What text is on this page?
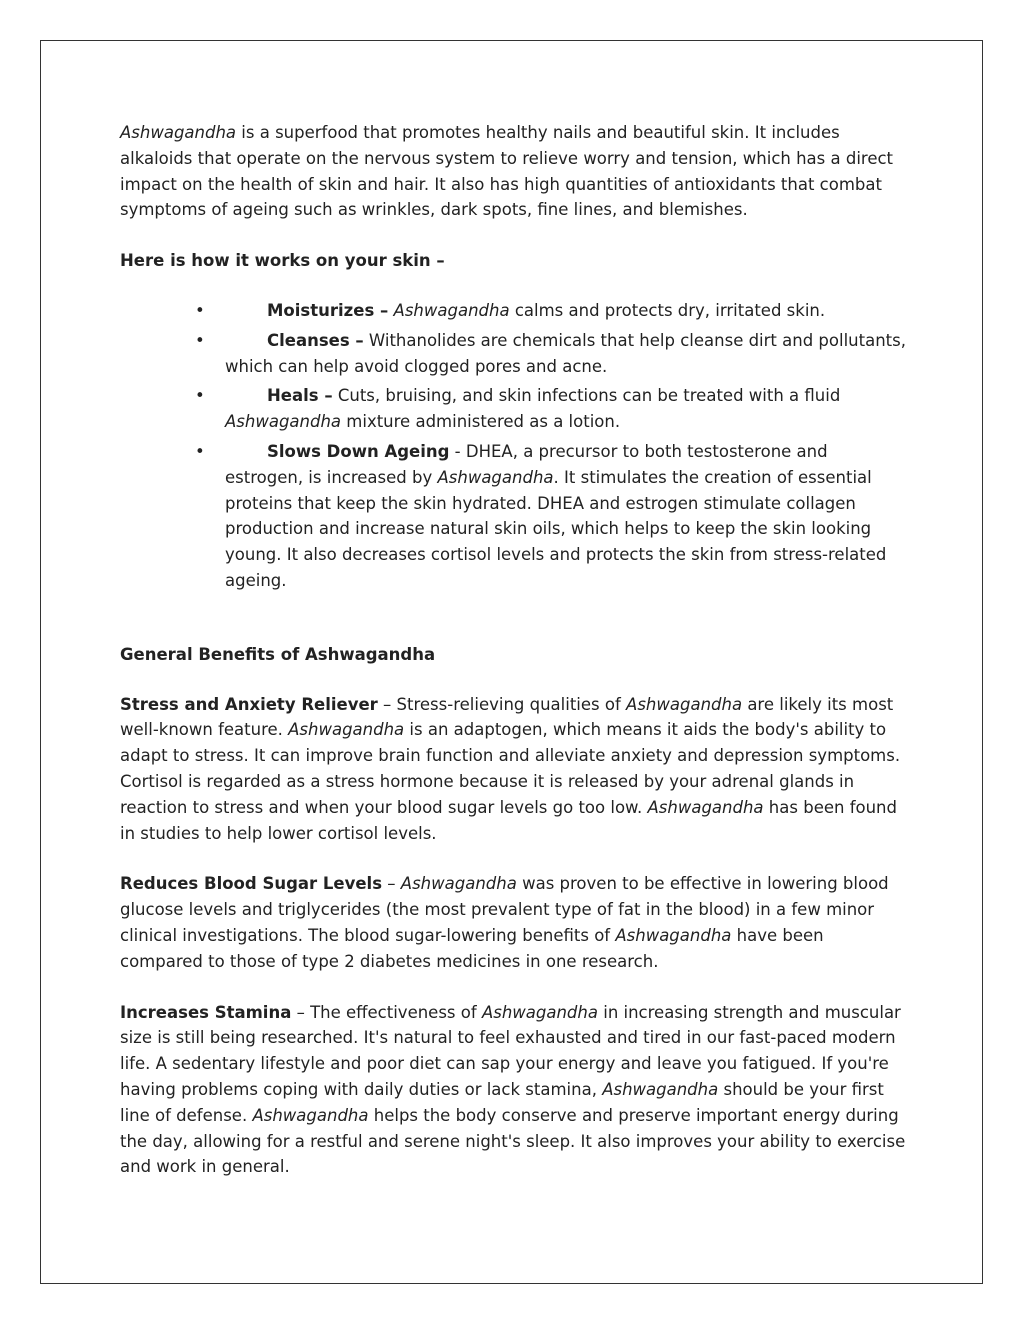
Ashwagandha is a superfood that promotes healthy nails and beautiful skin. It includes alkaloids that operate on the nervous system to relieve worry and tension, which has a direct impact on the health of skin and hair. It also has high quantities of antioxidants that combat symptoms of ageing such as wrinkles, dark spots, fine lines, and blemishes.

Here is how it works on your skin –

•	Moisturizes – Ashwagandha calms and protects dry, irritated skin.
•	Cleanses – Withanolides are chemicals that help cleanse dirt and pollutants, which can help avoid clogged pores and acne.
•	Heals – Cuts, bruising, and skin infections can be treated with a fluid Ashwagandha mixture administered as a lotion.
•	Slows Down Ageing - DHEA, a precursor to both testosterone and estrogen, is increased by Ashwagandha. It stimulates the creation of essential proteins that keep the skin hydrated. DHEA and estrogen stimulate collagen production and increase natural skin oils, which helps to keep the skin looking young. It also decreases cortisol levels and protects the skin from stress-related ageing.

General Benefits of Ashwagandha

Stress and Anxiety Reliever – Stress-relieving qualities of Ashwagandha are likely its most well-known feature. Ashwagandha is an adaptogen, which means it aids the body's ability to adapt to stress. It can improve brain function and alleviate anxiety and depression symptoms. Cortisol is regarded as a stress hormone because it is released by your adrenal glands in reaction to stress and when your blood sugar levels go too low. Ashwagandha has been found in studies to help lower cortisol levels.

Reduces Blood Sugar Levels – Ashwagandha was proven to be effective in lowering blood glucose levels and triglycerides (the most prevalent type of fat in the blood) in a few minor clinical investigations. The blood sugar-lowering benefits of Ashwagandha have been compared to those of type 2 diabetes medicines in one research.

Increases Stamina – The effectiveness of Ashwagandha in increasing strength and muscular size is still being researched. It's natural to feel exhausted and tired in our fast-paced modern life. A sedentary lifestyle and poor diet can sap your energy and leave you fatigued. If you're having problems coping with daily duties or lack stamina, Ashwagandha should be your first line of defense. Ashwagandha helps the body conserve and preserve important energy during the day, allowing for a restful and serene night's sleep. It also improves your ability to exercise and work in general.
